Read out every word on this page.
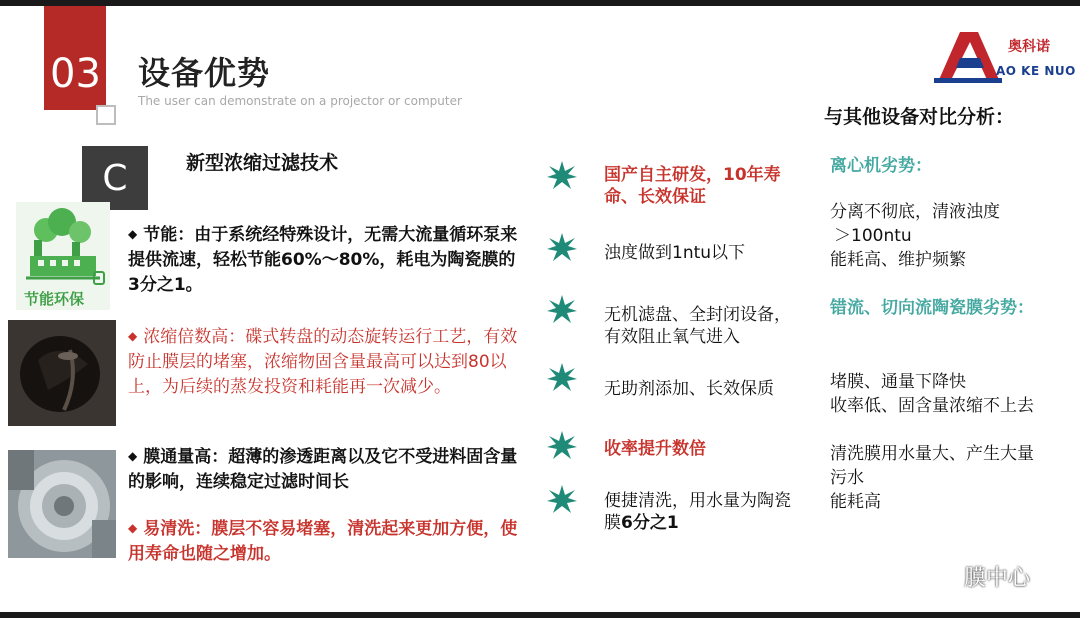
03 设备优势
The user can demonstrate on a projector or computer
奥科诺
AO KE NUO
C	新型浓缩过滤技术
节能环保
◆ 节能：由于系统经特殊设计，无需大流量循环泵来提供流速，轻松节能60%～80%，耗电为陶瓷膜的3分之1。
◆ 浓缩倍数高：碟式转盘的动态旋转运行工艺，有效防止膜层的堵塞，浓缩物固含量最高可以达到80以上，为后续的蒸发投资和耗能再一次减少。
◆ 膜通量高：超薄的渗透距离以及它不受进料固含量的影响，连续稳定过滤时间长
◆ 易清洗：膜层不容易堵塞，清洗起来更加方便，使用寿命也随之增加。
国产自主研发，10年寿命、长效保证
浊度做到1ntu以下
无机滤盘、全封闭设备，有效阻止氧气进入
无助剂添加、长效保质
收率提升数倍
便捷清洗，用水量为陶瓷膜6分之1
与其他设备对比分析：
离心机劣势：
分离不彻底，清液浊度
＞100ntu
能耗高、维护频繁
错流、切向流陶瓷膜劣势：
堵膜、通量下降快
收率低、固含量浓缩不上去
清洗膜用水量大、产生大量污水
能耗高
膜中心
